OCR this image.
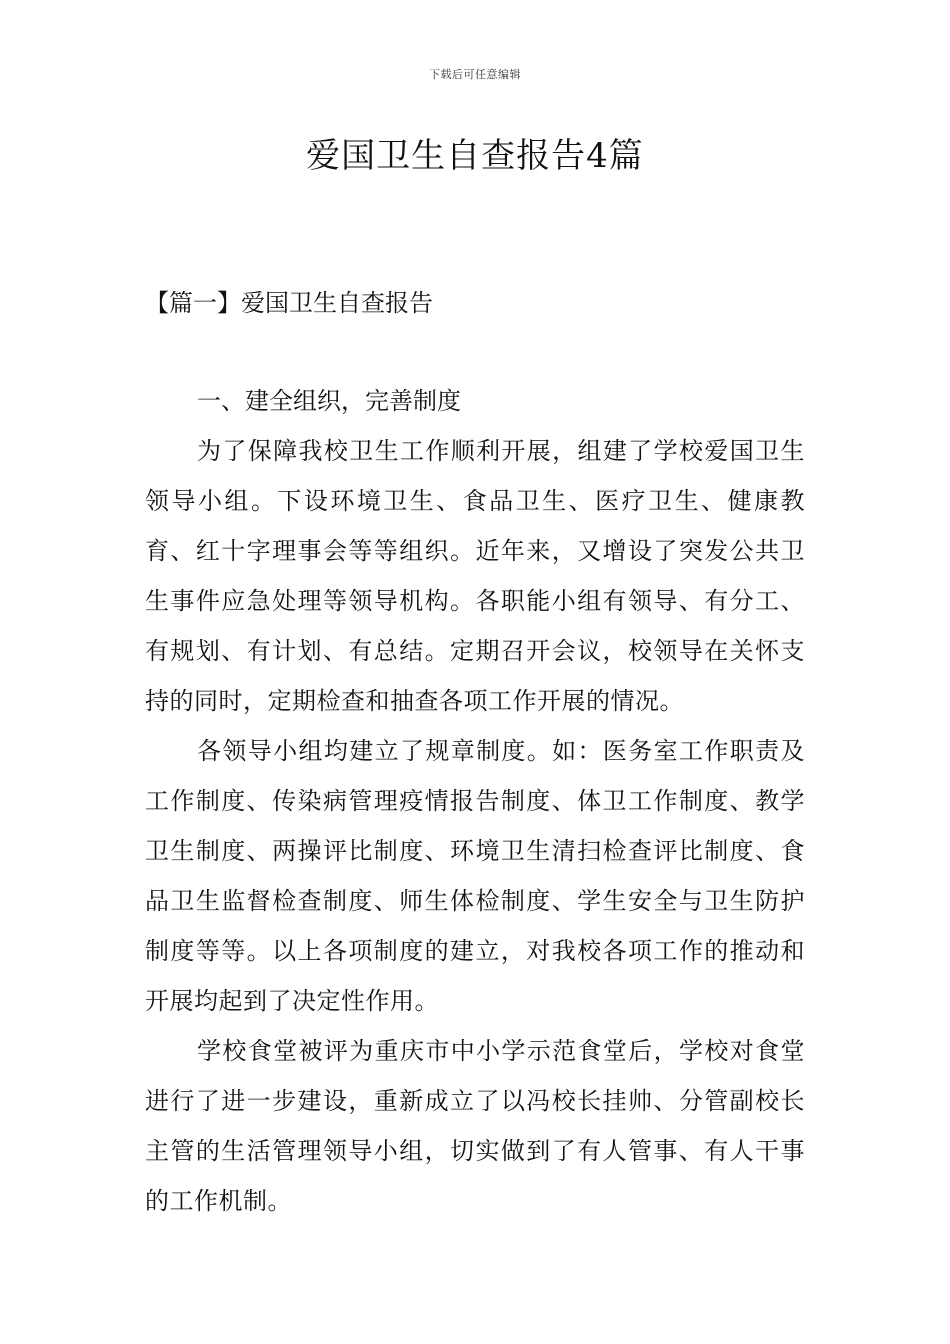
下载后可任意编辑
爱国卫生自查报告4篇
【篇一】爱国卫生自查报告

一、建全组织，完善制度

为了保障我校卫生工作顺利开展，组建了学校爱国卫生领导小组。下设环境卫生、食品卫生、医疗卫生、健康教育、红十字理事会等等组织。近年来，又增设了突发公共卫生事件应急处理等领导机构。各职能小组有领导、有分工、有规划、有计划、有总结。定期召开会议，校领导在关怀支持的同时，定期检查和抽查各项工作开展的情况。

各领导小组均建立了规章制度。如：医务室工作职责及工作制度、传染病管理疫情报告制度、体卫工作制度、教学卫生制度、两操评比制度、环境卫生清扫检查评比制度、食品卫生监督检查制度、师生体检制度、学生安全与卫生防护制度等等。以上各项制度的建立，对我校各项工作的推动和开展均起到了决定性作用。

学校食堂被评为重庆市中小学示范食堂后，学校对食堂进行了进一步建设，重新成立了以冯校长挂帅、分管副校长主管的生活管理领导小组，切实做到了有人管事、有人干事的工作机制。
